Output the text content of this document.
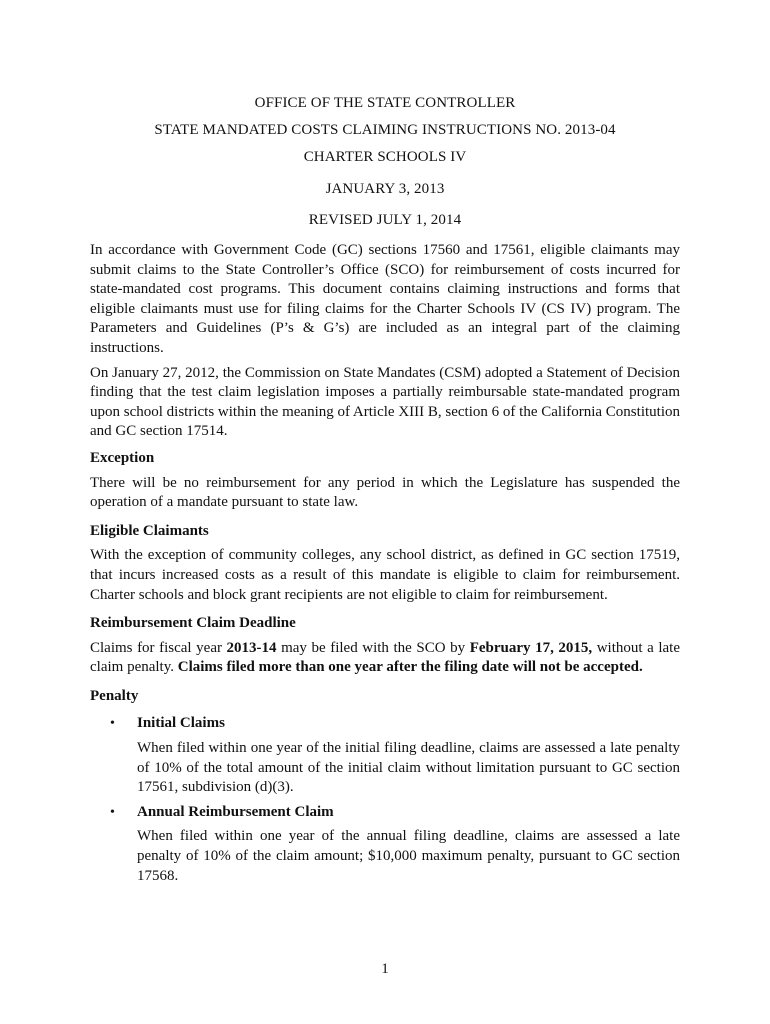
OFFICE OF THE STATE CONTROLLER
STATE MANDATED COSTS CLAIMING INSTRUCTIONS NO. 2013-04
CHARTER SCHOOLS IV
JANUARY 3, 2013
REVISED JULY 1, 2014

In accordance with Government Code (GC) sections 17560 and 17561, eligible claimants may submit claims to the State Controller’s Office (SCO) for reimbursement of costs incurred for state-mandated cost programs. This document contains claiming instructions and forms that eligible claimants must use for filing claims for the Charter Schools IV (CS IV) program. The Parameters and Guidelines (P’s & G’s) are included as an integral part of the claiming instructions.

On January 27, 2012, the Commission on State Mandates (CSM) adopted a Statement of Decision finding that the test claim legislation imposes a partially reimbursable state-mandated program upon school districts within the meaning of Article XIII B, section 6 of the California Constitution and GC section 17514.

Exception

There will be no reimbursement for any period in which the Legislature has suspended the operation of a mandate pursuant to state law.

Eligible Claimants

With the exception of community colleges, any school district, as defined in GC section 17519, that incurs increased costs as a result of this mandate is eligible to claim for reimbursement. Charter schools and block grant recipients are not eligible to claim for reimbursement.

Reimbursement Claim Deadline

Claims for fiscal year 2013-14 may be filed with the SCO by February 17, 2015, without a late claim penalty. Claims filed more than one year after the filing date will not be accepted.

Penalty
•	Initial Claims

When filed within one year of the initial filing deadline, claims are assessed a late penalty of 10% of the total amount of the initial claim without limitation pursuant to GC section 17561, subdivision (d)(3).

•	Annual Reimbursement Claim

When filed within one year of the annual filing deadline, claims are assessed a late penalty of 10% of the claim amount; $10,000 maximum penalty, pursuant to GC section 17568.

1
